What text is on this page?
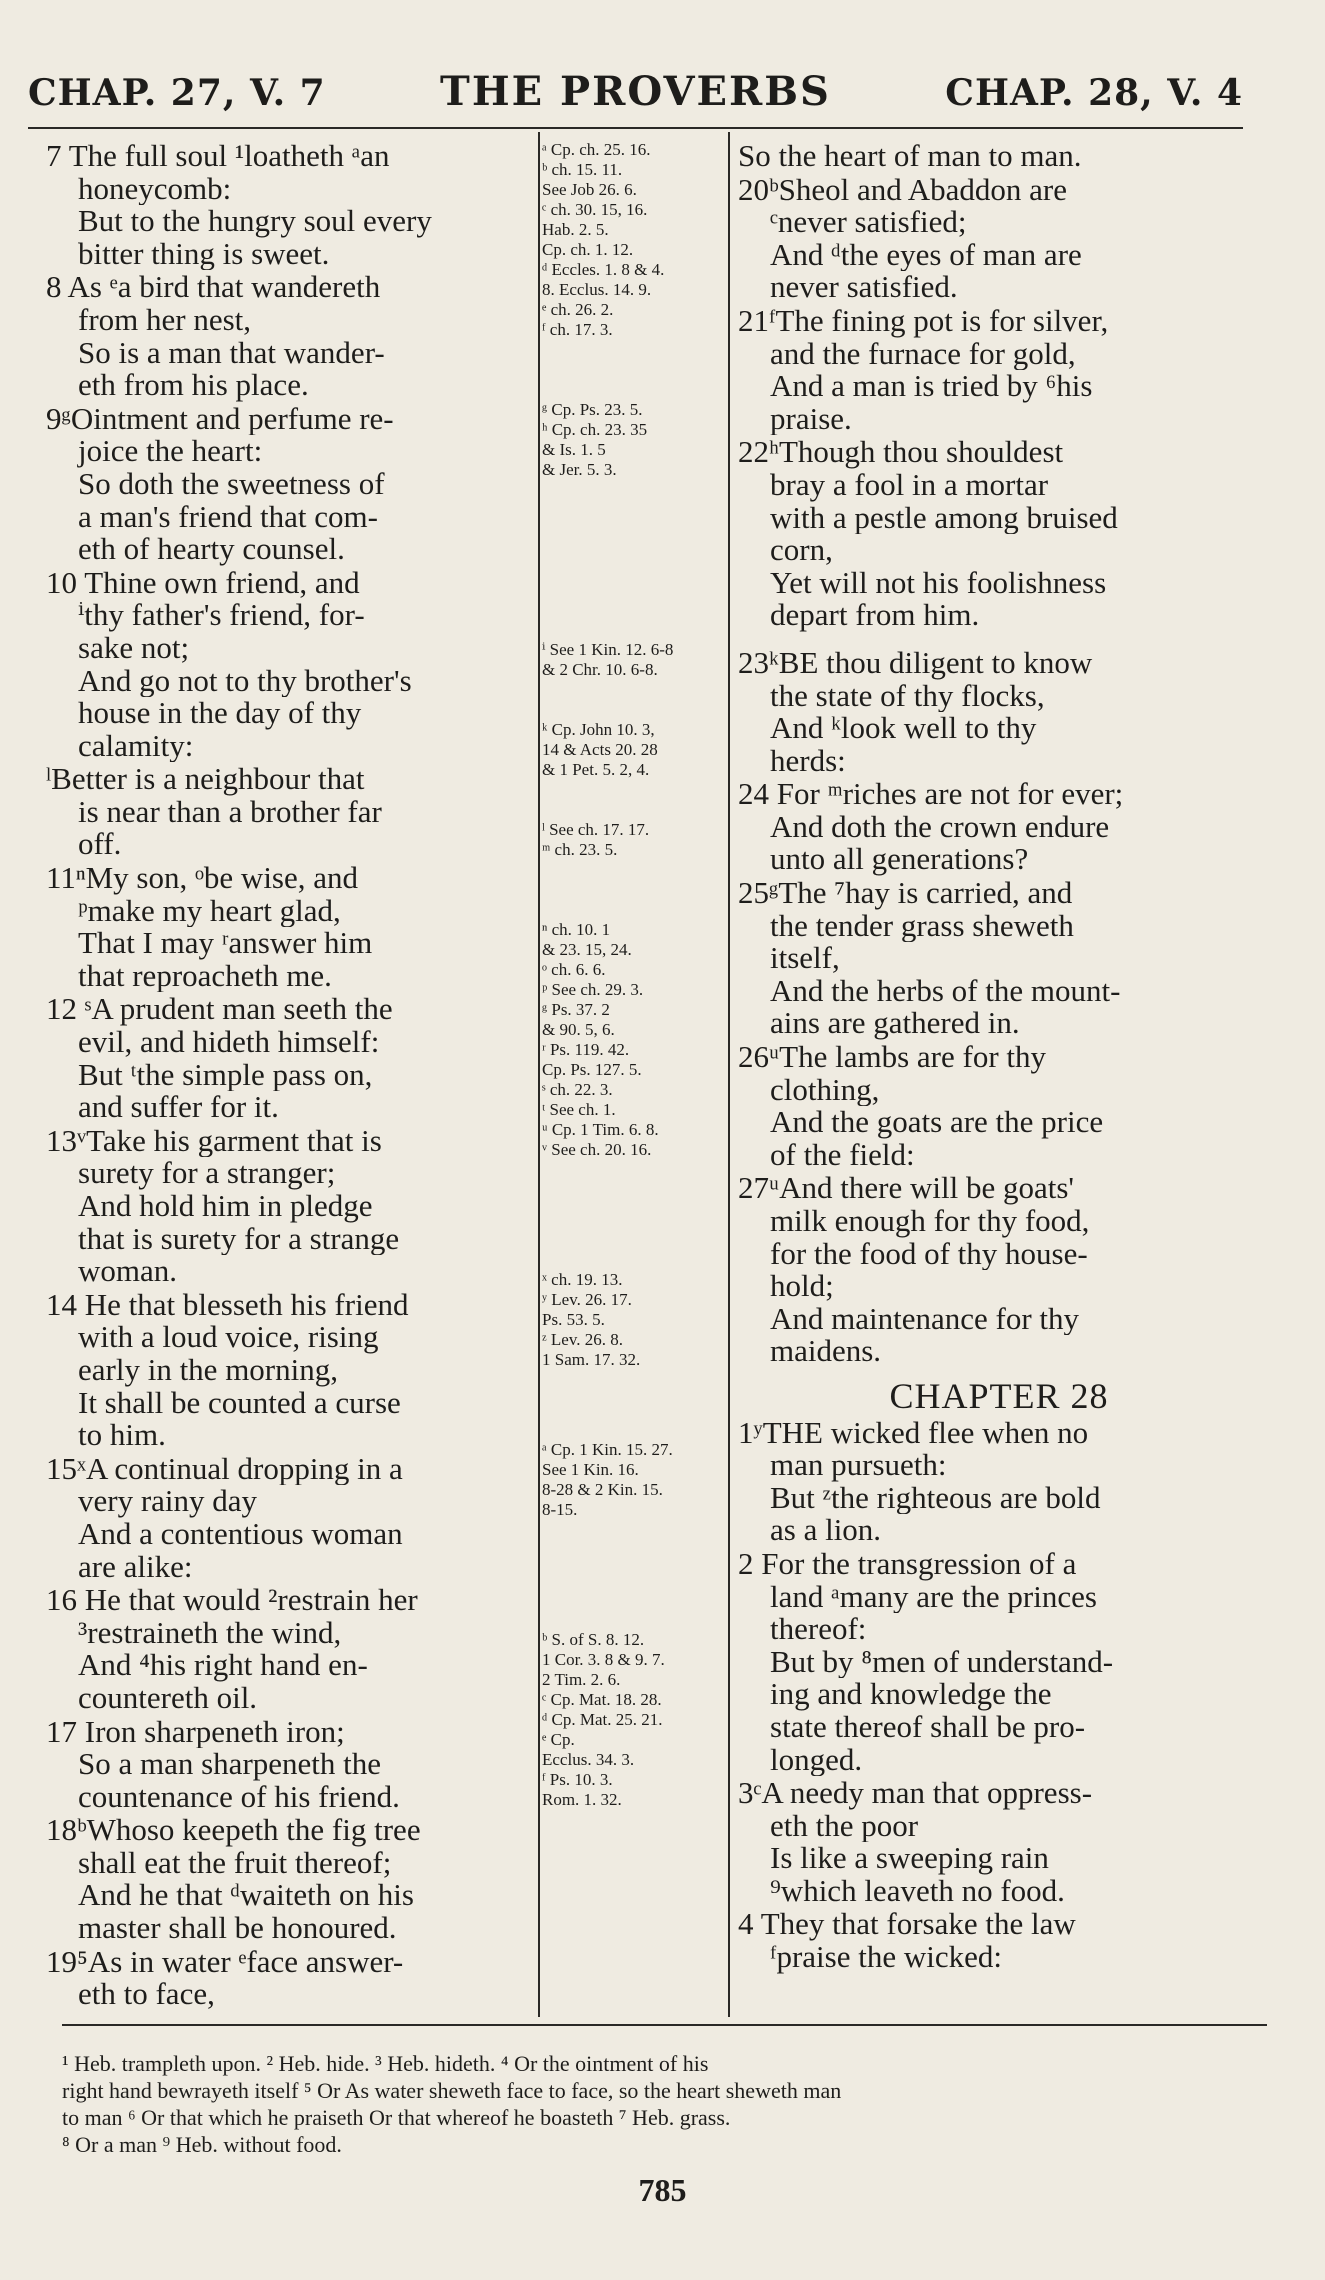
CHAP. 27, V. 7	THE PROVERBS	CHAP. 28, V. 4
7 The full soul ¹loatheth ᵃan
honeycomb:
But to the hungry soul every
bitter thing is sweet.
8 As ᵉa bird that wandereth
from her nest,
So is a man that wander-
eth from his place.
9ᵍOintment and perfume re-
joice the heart:
So doth the sweetness of
a man's friend that com-
eth of hearty counsel.
10 Thine own friend, and
ⁱthy father's friend, for-
sake not;
And go not to thy brother's
house in the day of thy
calamity:
ˡBetter is a neighbour that
is near than a brother far
off.
11ⁿMy son, ᵒbe wise, and
ᵖmake my heart glad,
That I may ʳanswer him
that reproacheth me.
12 ˢA prudent man seeth the
evil, and hideth himself:
But ᵗthe simple pass on,
and suffer for it.
13ᵛTake his garment that is
surety for a stranger;
And hold him in pledge
that is surety for a strange
woman.
14 He that blesseth his friend
with a loud voice, rising
early in the morning,
It shall be counted a curse
to him.
15ˣA continual dropping in a
very rainy day
And a contentious woman
are alike:
16 He that would ²restrain her
³restraineth the wind,
And ⁴his right hand en-
countereth oil.
17 Iron sharpeneth iron;
So a man sharpeneth the
countenance of his friend.
18ᵇWhoso keepeth the fig tree
shall eat the fruit thereof;
And he that ᵈwaiteth on his
master shall be honoured.
19⁵As in water ᵉface answer-
eth to face,
ᵃ Cp. ch. 25. 16.
ᵇ ch. 15. 11.
See Job 26. 6.
ᶜ ch. 30. 15, 16.
Hab. 2. 5.
Cp. ch. 1. 12.
ᵈ Eccles. 1. 8 & 4.
8. Ecclus. 14. 9.
ᵉ ch. 26. 2.
ᶠ ch. 17. 3.
ᵍ Cp. Ps. 23. 5.
ʰ Cp. ch. 23. 35
& Is. 1. 5
& Jer. 5. 3.
ⁱ See 1 Kin. 12. 6-8
& 2 Chr. 10. 6-8.
ᵏ Cp. John 10. 3,
14 & Acts 20. 28
& 1 Pet. 5. 2, 4.
ˡ See ch. 17. 17.
ᵐ ch. 23. 5.
ⁿ ch. 10. 1
& 23. 15, 24.
ᵒ ch. 6. 6.
ᵖ See ch. 29. 3.
ᵍ Ps. 37. 2
& 90. 5, 6.
ʳ Ps. 119. 42.
Cp. Ps. 127. 5.
ˢ ch. 22. 3.
ᵗ See ch. 1.
ᵘ Cp. 1 Tim. 6. 8.
ᵛ See ch. 20. 16.
ˣ ch. 19. 13.
ʸ Lev. 26. 17.
Ps. 53. 5.
ᶻ Lev. 26. 8.
1 Sam. 17. 32.
ᵃ Cp. 1 Kin. 15. 27.
See 1 Kin. 16.
8-28 & 2 Kin. 15.
8-15.
ᵇ S. of S. 8. 12.
1 Cor. 3. 8 & 9. 7.
2 Tim. 2. 6.
ᶜ Cp. Mat. 18. 28.
ᵈ Cp. Mat. 25. 21.
ᵉ Cp.
Ecclus. 34. 3.
ᶠ Ps. 10. 3.
Rom. 1. 32.
So the heart of man to man.
20ᵇSheol and Abaddon are
ᶜnever satisfied;
And ᵈthe eyes of man are
never satisfied.
21ᶠThe fining pot is for silver,
and the furnace for gold,
And a man is tried by ⁶his
praise.
22ʰThough thou shouldest
bray a fool in a mortar
with a pestle among bruised
corn,
Yet will not his foolishness
depart from him.
23ᵏBE thou diligent to know
the state of thy flocks,
And ᵏlook well to thy
herds:
24 For ᵐriches are not for ever;
And doth the crown endure
unto all generations?
25ᵍThe ⁷hay is carried, and
the tender grass sheweth
itself,
And the herbs of the mount-
ains are gathered in.
26ᵘThe lambs are for thy
clothing,
And the goats are the price
of the field:
27ᵘAnd there will be goats'
milk enough for thy food,
for the food of thy house-
hold;
And maintenance for thy
maidens.
CHAPTER 28
1ʸTHE wicked flee when no
man pursueth:
But ᶻthe righteous are bold
as a lion.
2 For the transgression of a
land ᵃmany are the princes
thereof:
But by ⁸men of understand-
ing and knowledge the
state thereof shall be pro-
longed.
3ᶜA needy man that oppress-
eth the poor
Is like a sweeping rain
⁹which leaveth no food.
4 They that forsake the law
ᶠpraise the wicked:
¹ Heb. trampleth upon. ² Heb. hide. ³ Heb. hideth. ⁴ Or the ointment of his
right hand bewrayeth itself ⁵ Or As water sheweth face to face, so the heart sheweth man
to man ⁶ Or that which he praiseth Or that whereof he boasteth ⁷ Heb. grass.
⁸ Or a man ⁹ Heb. without food.
785
